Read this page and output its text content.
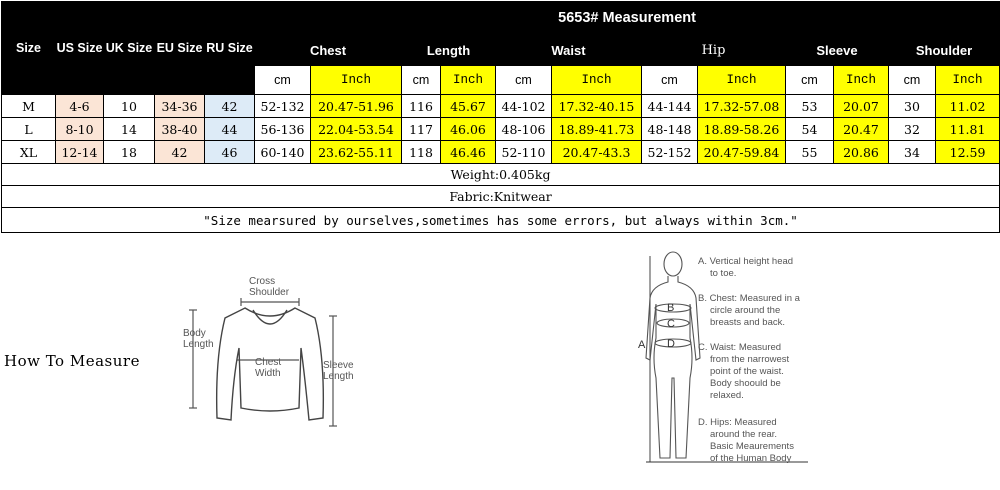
Size	US Size	UK Size	EU Size	RU Size	5653# Measurement											
					Chest		Length		Waist		Hip		Sleeve		Shoulder	
					cm	Inch	cm	Inch	cm	Inch	cm	Inch	cm	Inch	cm	Inch
M	4-6	10	34-36	42	52-132	20.47-51.96	116	45.67	44-102	17.32-40.15	44-144	17.32-57.08	53	20.07	30	11.02
L	8-10	14	38-40	44	56-136	22.04-53.54	117	46.06	48-106	18.89-41.73	48-148	18.89-58.26	54	20.47	32	11.81
XL	12-14	18	42	46	60-140	23.62-55.11	118	46.46	52-110	20.47-43.3	52-152	20.47-59.84	55	20.86	34	12.59
Weight:0.405kg																
Fabric:Knitwear																
"Size mearsured by ourselves,sometimes has some errors, but always within 3cm."																
How To Measure
Cross
Shoulder
Body
Length
Chest
Width
Sleeve
Length
A
B
C
D
A. Vertical height head
to toe.
B. Chest: Measured in a
circle around the
breasts and back.
C. Waist: Measured
from the narrowest
point of the waist.
Body shoould be
relaxed.
D. Hips: Measured
around the rear.
Basic Meaurements
of the Human Body
